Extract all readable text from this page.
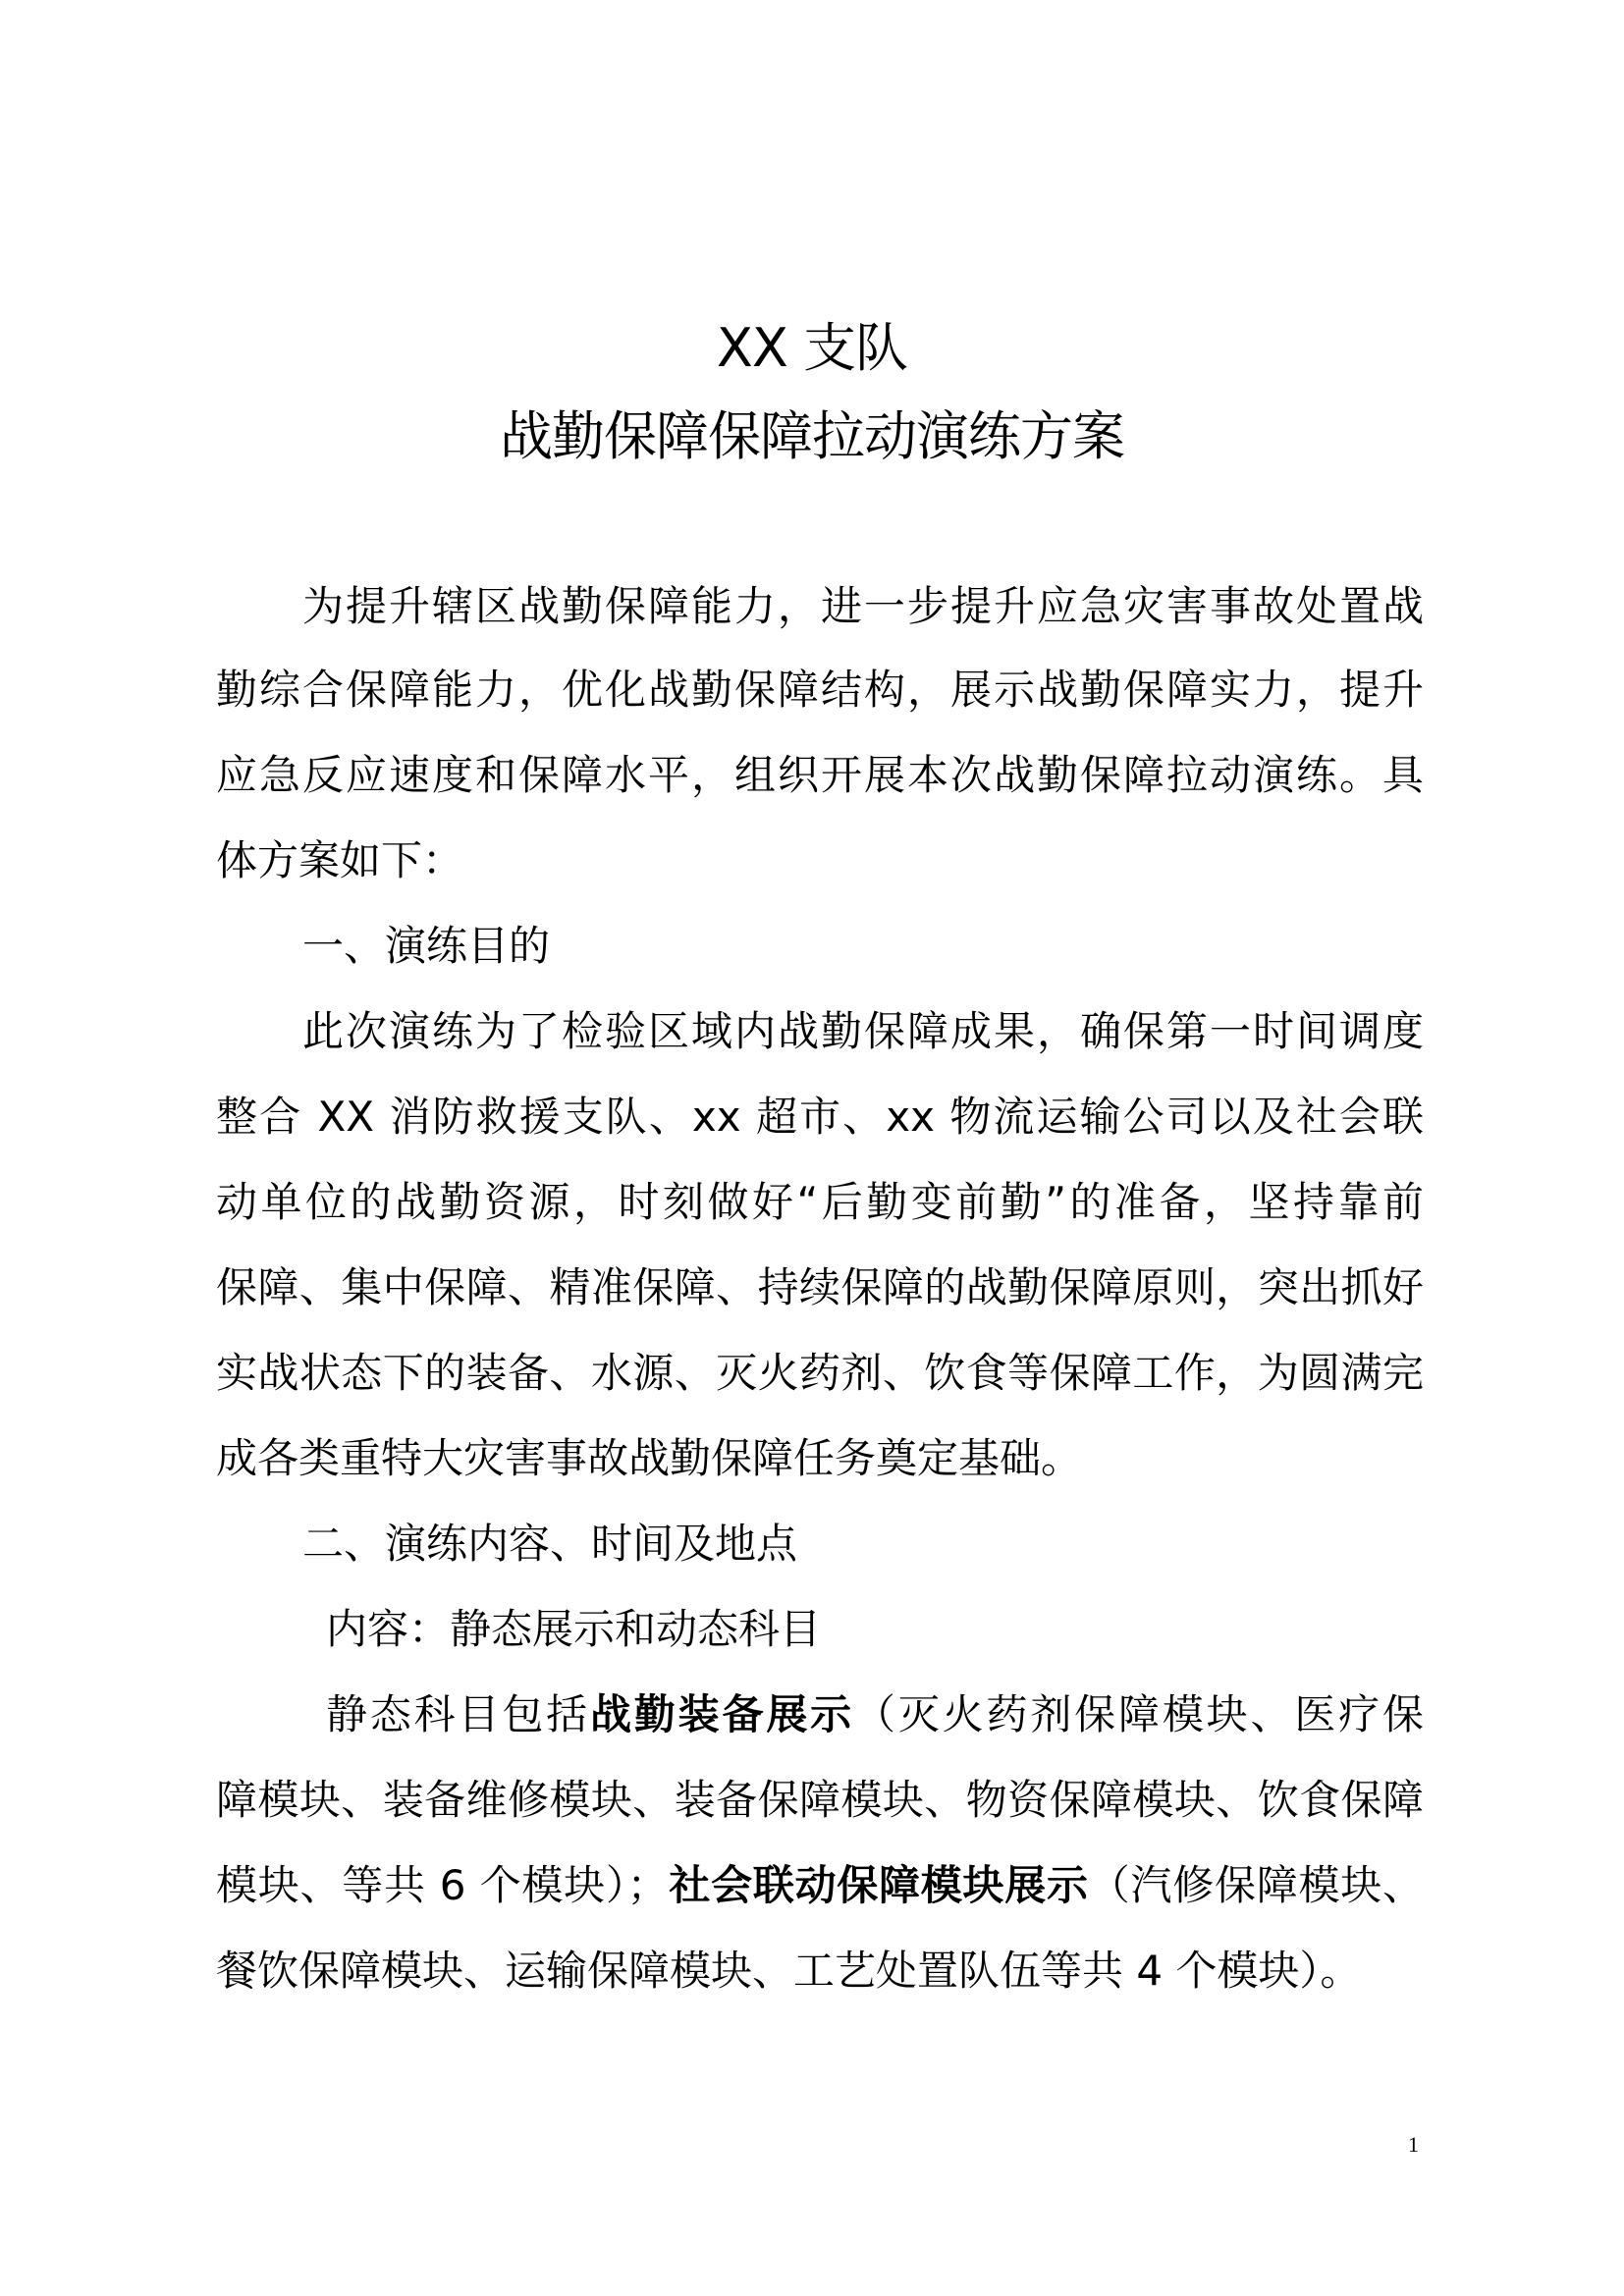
XX 支队
战勤保障保障拉动演练方案
为提升辖区战勤保障能力，进一步提升应急灾害事故处置战
勤综合保障能力，优化战勤保障结构，展示战勤保障实力，提升
应急反应速度和保障水平，组织开展本次战勤保障拉动演练。具
体方案如下：
一、演练目的
此次演练为了检验区域内战勤保障成果，确保第一时间调度
整合 XX 消防救援支队、xx 超市、xx 物流运输公司以及社会联
动单位的战勤资源，时刻做好“后勤变前勤”的准备，坚持靠前
保障、集中保障、精准保障、持续保障的战勤保障原则，突出抓好
实战状态下的装备、水源、灭火药剂、饮食等保障工作，为圆满完
成各类重特大灾害事故战勤保障任务奠定基础。
二、演练内容、时间及地点
内容：静态展示和动态科目
静态科目包括战勤装备展示（灭火药剂保障模块、医疗保
障模块、装备维修模块、装备保障模块、物资保障模块、饮食保障
模块、等共 6 个模块）；社会联动保障模块展示（汽修保障模块、
餐饮保障模块、运输保障模块、工艺处置队伍等共 4 个模块）。
1
